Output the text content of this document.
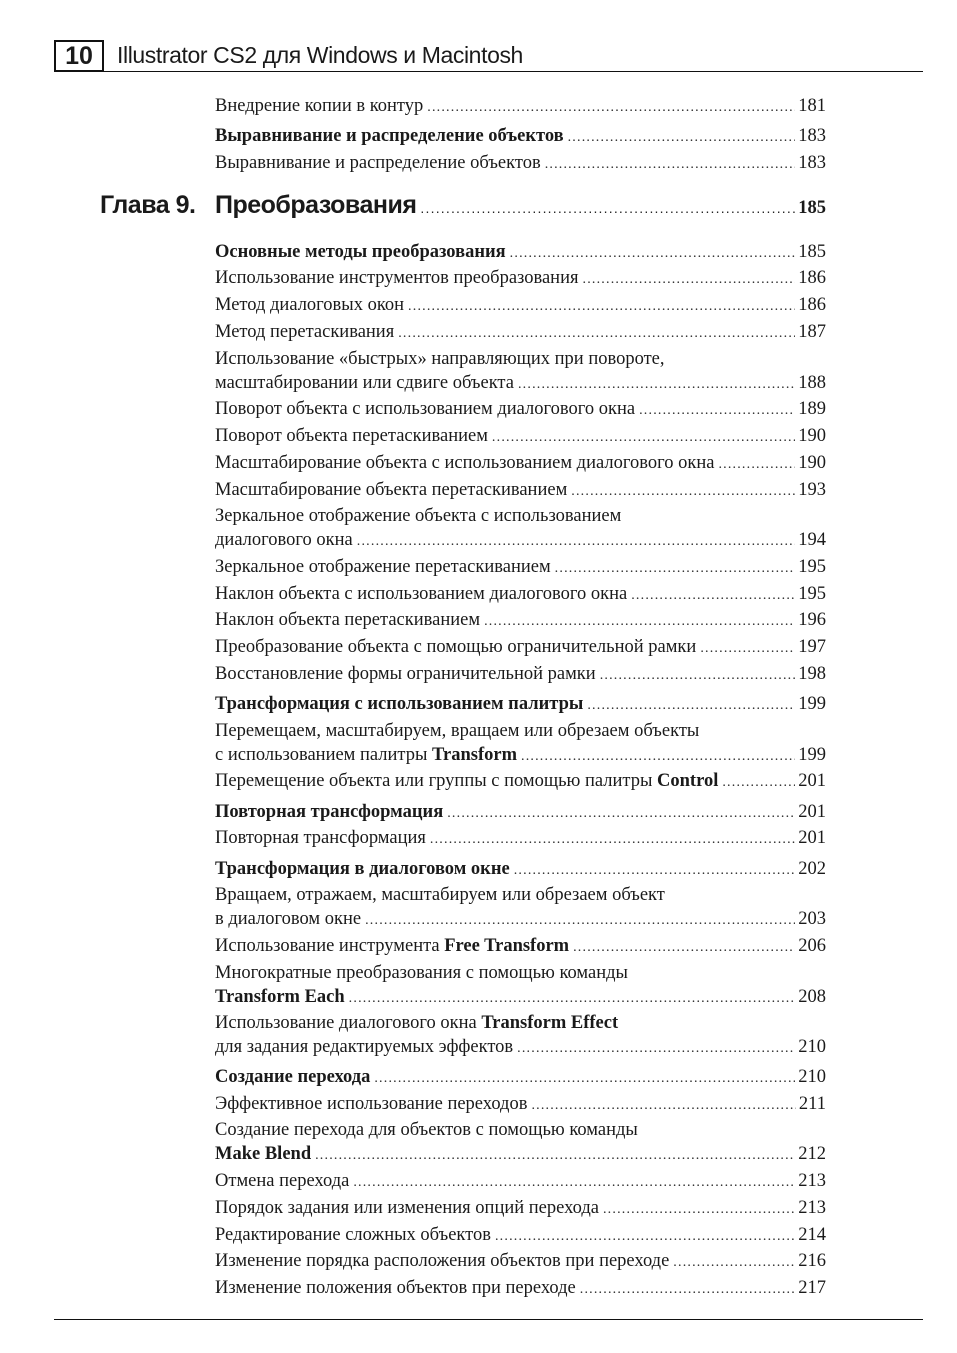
10	Illustrator CS2 для Windows и Macintosh
Внедрение копии в контур .....	181
Выравнивание и распределение объектов .....	183
Выравнивание и распределение объектов .....	183
Глава 9. Преобразования .....	185
Основные методы преобразования .....	185
Использование инструментов преобразования .....	186
Метод диалоговых окон .....	186
Метод перетаскивания .....	187
Использование «быстрых» направляющих при повороте,
масштабировании или сдвиге объекта .....	188
Поворот объекта с использованием диалогового окна .....	189
Поворот объекта перетаскиванием .....	190
Масштабирование объекта с использованием диалогового окна .....	190
Масштабирование объекта перетаскиванием .....	193
Зеркальное отображение объекта с использованием
диалогового окна .....	194
Зеркальное отображение перетаскиванием .....	195
Наклон объекта с использованием диалогового окна .....	195
Наклон объекта перетаскиванием .....	196
Преобразование объекта с помощью ограничительной рамки .....	197
Восстановление формы ограничительной рамки .....	198
Трансформация с использованием палитры .....	199
Перемещаем, масштабируем, вращаем или обрезаем объекты
с использованием палитры Transform .....	199
Перемещение объекта или группы с помощью палитры Control .....	201
Повторная трансформация .....	201
Повторная трансформация .....	201
Трансформация в диалоговом окне .....	202
Вращаем, отражаем, масштабируем или обрезаем объект
в диалоговом окне .....	203
Использование инструмента Free Transform .....	206
Многократные преобразования с помощью команды
Transform Each .....	208
Использование диалогового окна Transform Effect
для задания редактируемых эффектов .....	210
Создание перехода .....	210
Эффективное использование переходов .....	211
Создание перехода для объектов с помощью команды
Make Blend .....	212
Отмена перехода .....	213
Порядок задания или изменения опций перехода .....	213
Редактирование сложных объектов .....	214
Изменение порядка расположения объектов при переходе .....	216
Изменение положения объектов при переходе .....	217
